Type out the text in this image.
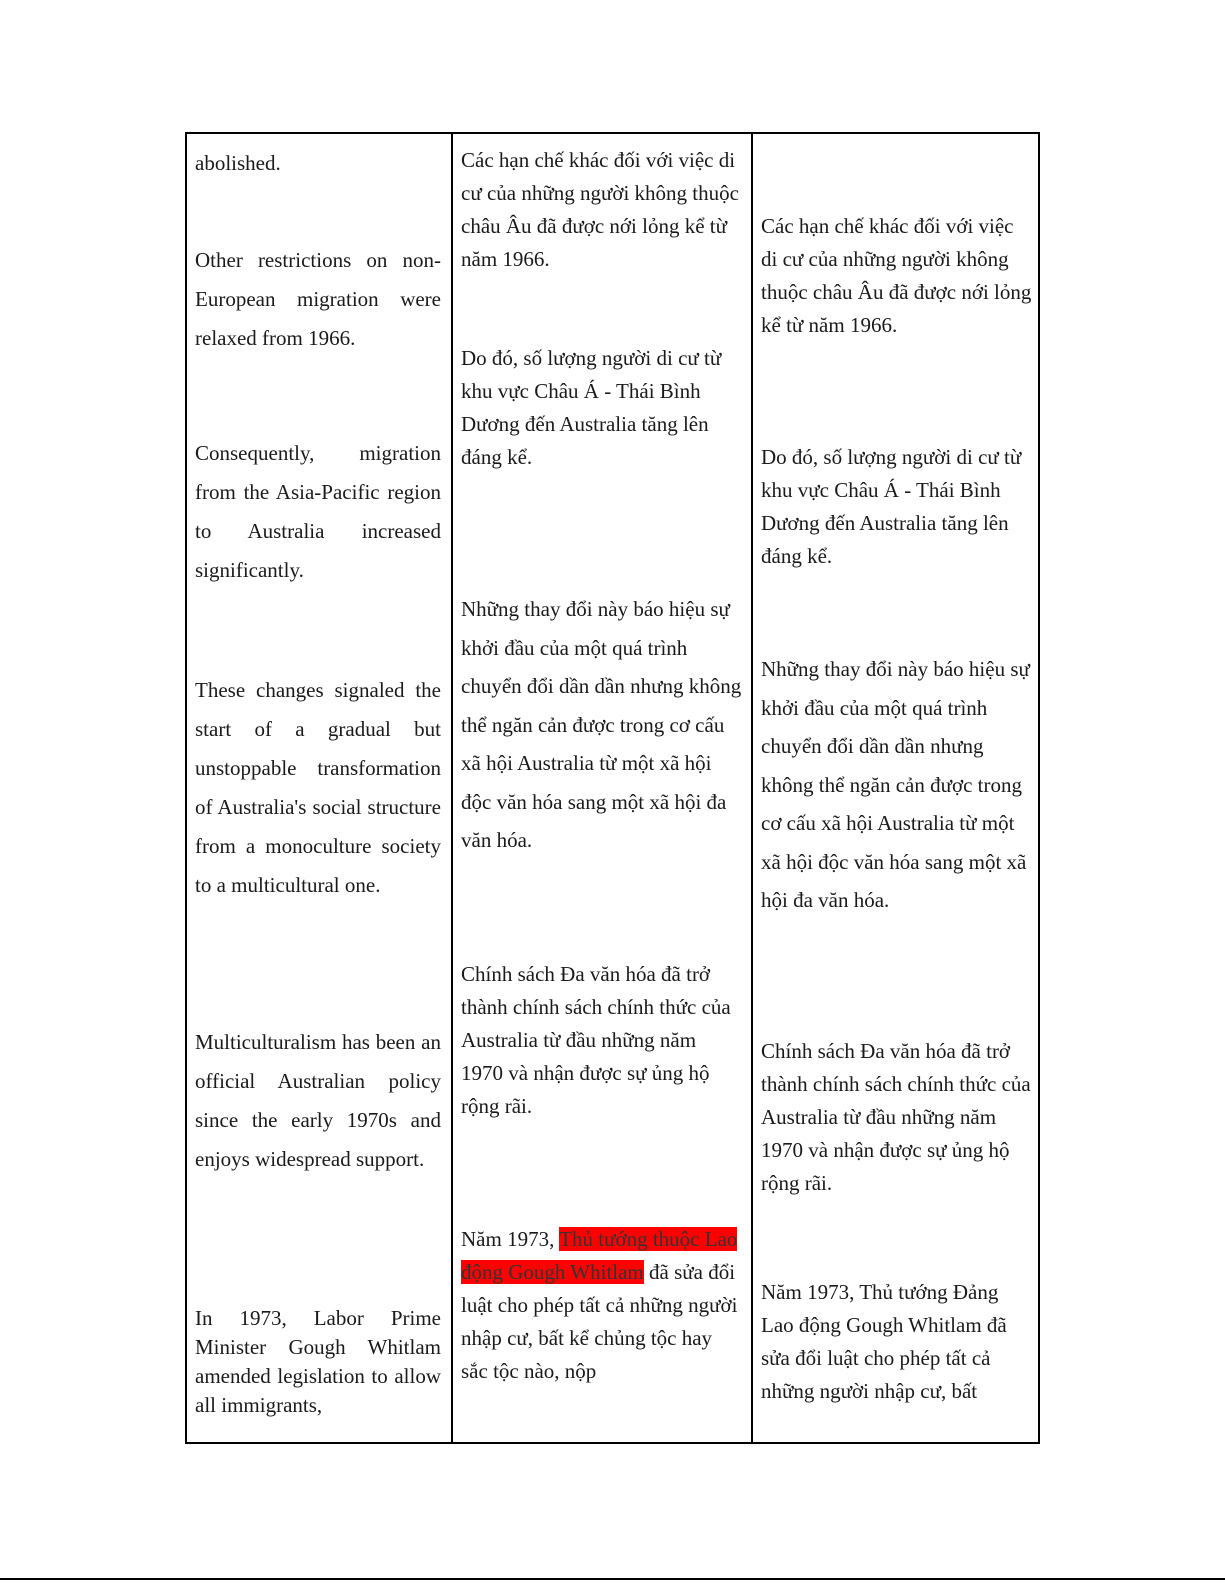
abolished.

Other restrictions on non-European migration were relaxed from 1966.

Consequently, migration from the Asia-Pacific region to Australia increased significantly.

These changes signaled the start of a gradual but unstoppable transformation of Australia's social structure from a monoculture society to a multicultural one.

Multiculturalism has been an official Australian policy since the early 1970s and enjoys widespread support.

In 1973, Labor Prime Minister Gough Whitlam amended legislation to allow all immigrants,

Các hạn chế khác đối với việc di cư của những người không thuộc châu Âu đã được nới lỏng kể từ năm 1966.

Do đó, số lượng người di cư từ khu vực Châu Á - Thái Bình Dương đến Australia tăng lên đáng kể.

Những thay đổi này báo hiệu sự khởi đầu của một quá trình chuyển đổi dần dần nhưng không thể ngăn cản được trong cơ cấu xã hội Australia từ một xã hội độc văn hóa sang một xã hội đa văn hóa.

Chính sách Đa văn hóa đã trở thành chính sách chính thức của Australia từ đầu những năm 1970 và nhận được sự ủng hộ rộng rãi.

Năm 1973, Thủ tướng thuộc Lao động Gough Whitlam đã sửa đổi luật cho phép tất cả những người nhập cư, bất kể chủng tộc hay sắc tộc nào, nộp

Các hạn chế khác đối với việc di cư của những người không thuộc châu Âu đã được nới lỏng kể từ năm 1966.

Do đó, số lượng người di cư từ khu vực Châu Á - Thái Bình Dương đến Australia tăng lên đáng kể.

Những thay đổi này báo hiệu sự khởi đầu của một quá trình chuyển đổi dần dần nhưng không thể ngăn cản được trong cơ cấu xã hội Australia từ một xã hội độc văn hóa sang một xã hội đa văn hóa.

Chính sách Đa văn hóa đã trở thành chính sách chính thức của Australia từ đầu những năm 1970 và nhận được sự ủng hộ rộng rãi.

Năm 1973, Thủ tướng Đảng Lao động Gough Whitlam đã sửa đổi luật cho phép tất cả những người nhập cư, bất
